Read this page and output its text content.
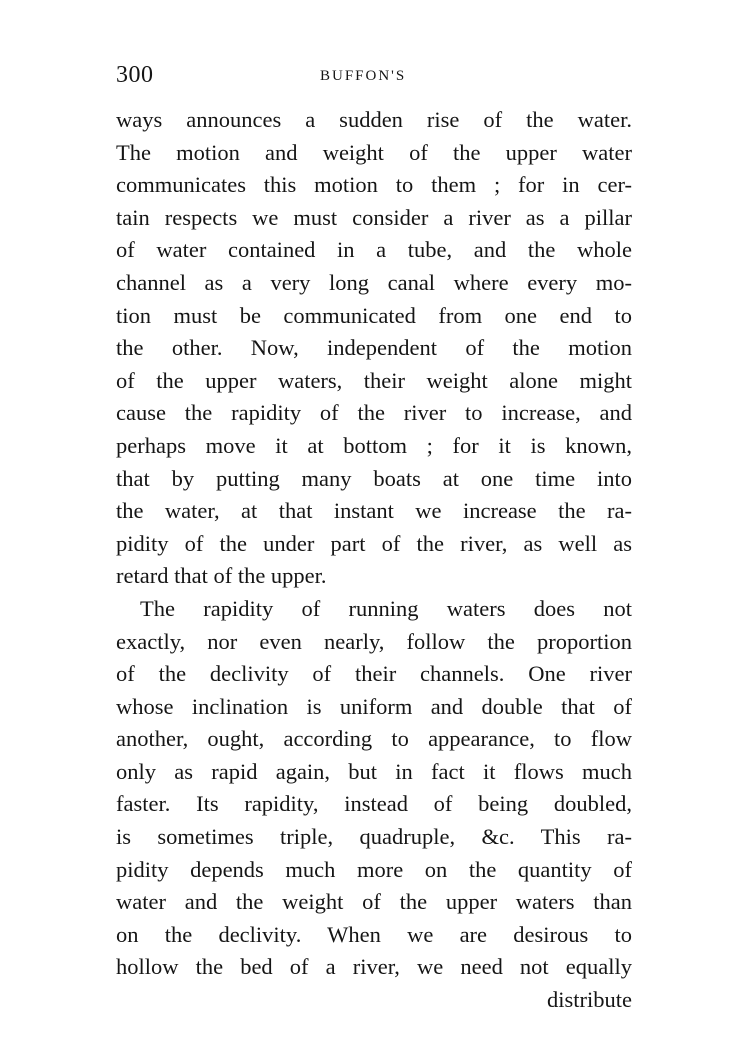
300	BUFFON'S
ways announces a sudden rise of the water.
The motion and weight of the upper water
communicates this motion to them ; for in cer-
tain respects we must consider a river as a pillar
of water contained in a tube, and the whole
channel as a very long canal where every mo-
tion must be communicated from one end to
the other. Now, independent of the motion
of the upper waters, their weight alone might
cause the rapidity of the river to increase, and
perhaps move it at bottom ; for it is known,
that by putting many boats at one time into
the water, at that instant we increase the ra-
pidity of the under part of the river, as well as
retard that of the upper.
The rapidity of running waters does not
exactly, nor even nearly, follow the proportion
of the declivity of their channels. One river
whose inclination is uniform and double that of
another, ought, according to appearance, to flow
only as rapid again, but in fact it flows much
faster. Its rapidity, instead of being doubled,
is sometimes triple, quadruple, &c. This ra-
pidity depends much more on the quantity of
water and the weight of the upper waters than
on the declivity. When we are desirous to
hollow the bed of a river, we need not equally
distribute
